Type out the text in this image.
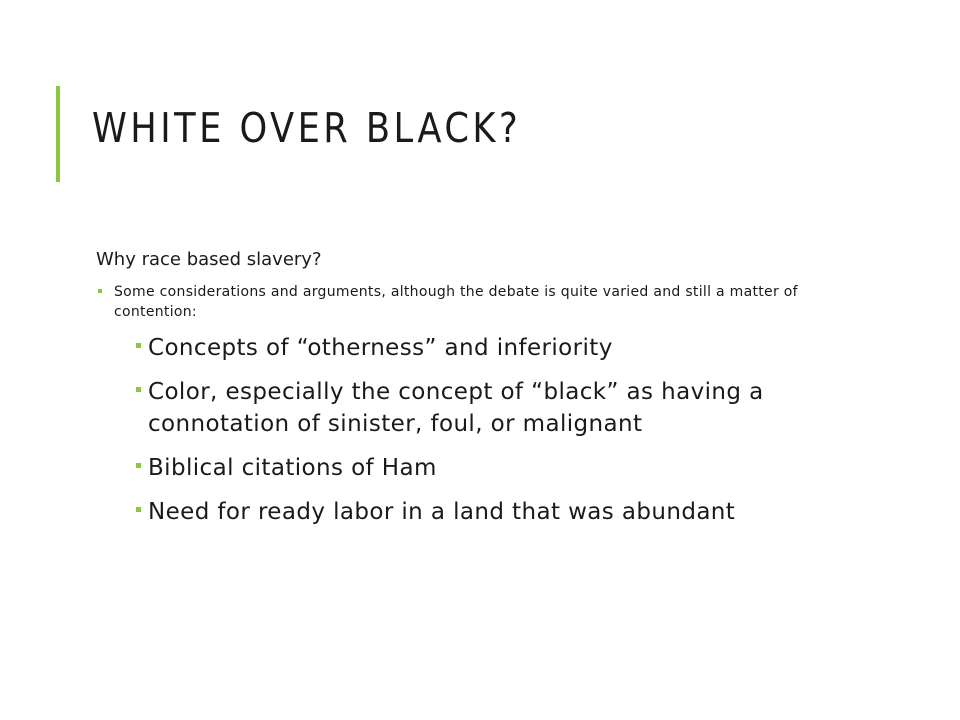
WHITE OVER BLACK?

Why race based slavery?

Some considerations and arguments, although the debate is quite varied and still a matter of contention:
Concepts of “otherness” and inferiority
Color, especially the concept of “black” as having a connotation of sinister, foul, or malignant
Biblical citations of Ham
Need for ready labor in a land that was abundant
